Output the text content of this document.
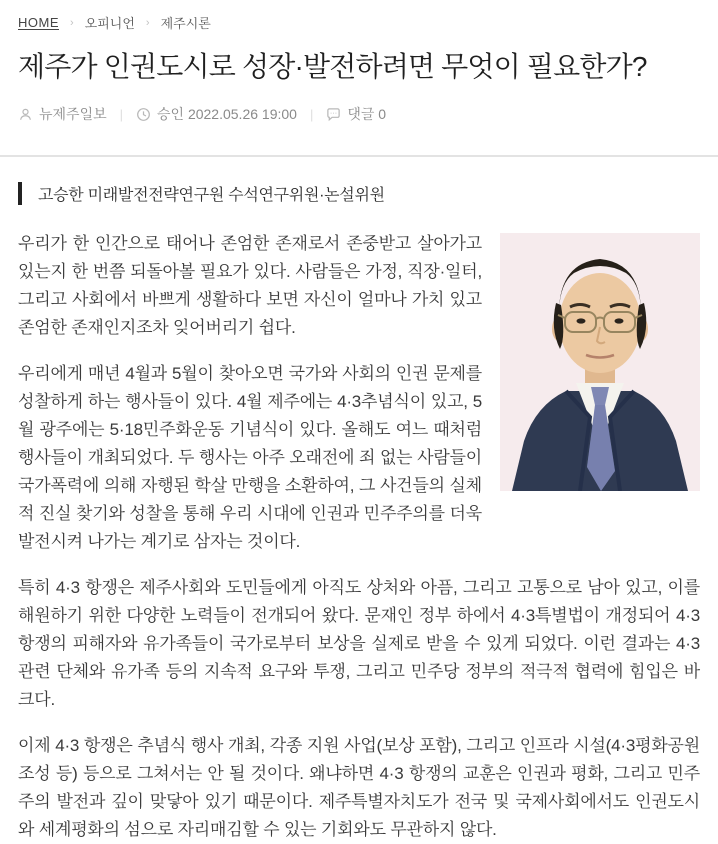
HOME › 오피니언 › 제주시론
제주가 인권도시로 성장·발전하려면 무엇이 필요한가?
뉴제주일보 | 승인 2022.05.26 19:00 | 댓글 0
고승한 미래발전전략연구원 수석연구위원·논설위원

우리가 한 인간으로 태어나 존엄한 존재로서 존중받고 살아가고 있는지 한 번쯤 되돌아볼 필요가 있다. 사람들은 가정, 직장·일터, 그리고 사회에서 바쁘게 생활하다 보면 자신이 얼마나 가치 있고 존엄한 존재인지조차 잊어버리기 쉽다.

우리에게 매년 4월과 5월이 찾아오면 국가와 사회의 인권 문제를 성찰하게 하는 행사들이 있다. 4월 제주에는 4·3추념식이 있고, 5월 광주에는 5·18민주화운동 기념식이 있다. 올해도 여느 때처럼 행사들이 개최되었다. 두 행사는 아주 오래전에 죄 없는 사람들이 국가폭력에 의해 자행된 학살 만행을 소환하여, 그 사건들의 실체적 진실 찾기와 성찰을 통해 우리 시대에 인권과 민주주의를 더욱 발전시켜 나가는 계기로 삼자는 것이다.

특히 4·3 항쟁은 제주사회와 도민들에게 아직도 상처와 아픔, 그리고 고통으로 남아 있고, 이를 해원하기 위한 다양한 노력들이 전개되어 왔다. 문재인 정부 하에서 4·3특별법이 개정되어 4·3 항쟁의 피해자와 유가족들이 국가로부터 보상을 실제로 받을 수 있게 되었다. 이런 결과는 4·3 관련 단체와 유가족 등의 지속적 요구와 투쟁, 그리고 민주당 정부의 적극적 협력에 힘입은 바 크다.

이제 4·3 항쟁은 추념식 행사 개최, 각종 지원 사업(보상 포함), 그리고 인프라 시설(4·3평화공원 조성 등) 등으로 그쳐서는 안 될 것이다. 왜냐하면 4·3 항쟁의 교훈은 인권과 평화, 그리고 민주주의 발전과 깊이 맞닿아 있기 때문이다. 제주특별자치도가 전국 및 국제사회에서도 인권도시와 세계평화의 섬으로 자리매김할 수 있는 기회와도 무관하지 않다.
